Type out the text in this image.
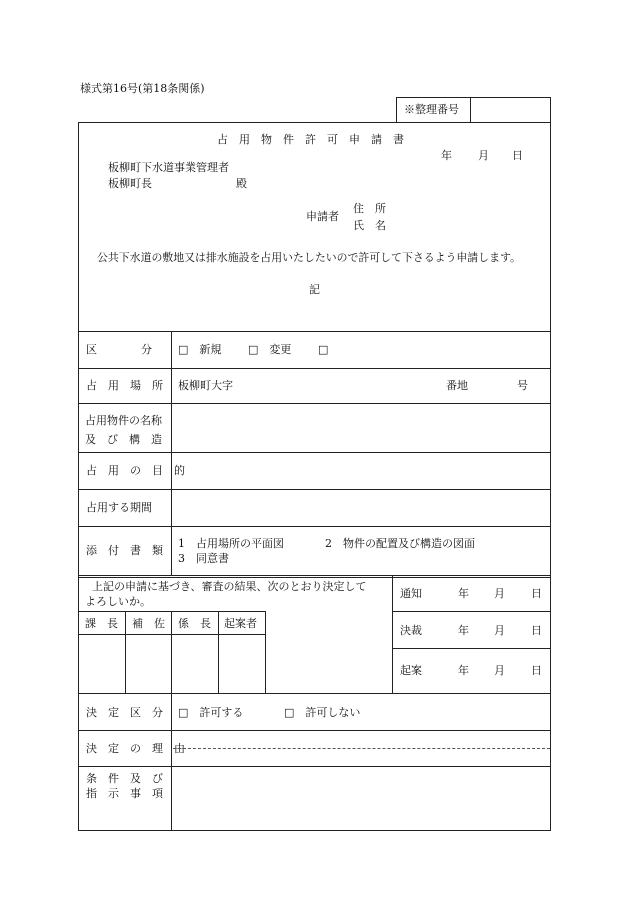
様式第16号(第18条関係)
※整理番号
占　用　物　件　許　可　申　請　書
年 月 日
板柳町下水道事業管理者
板柳町長	殿
申請者
住　所
氏　名
公共下水道の敷地又は排水施設を占用いたしたいので許可して下さるよう申請します。
記
区　　　　分 □　新規 □　変更 □
占　用　場　所 板柳町大字	番地	号
占用物件の名称
及　び　構　造
占　用　の　目　的
占用する期間
添　付　書　類
1　占用場所の平面図	2　物件の配置及び構造の図面
3　同意書
上記の申請に基づき、審査の結果、次のとおり決定して
よろしいか。
通知	年 月 日
決裁	年 月 日
起案	年 月 日
課　長 補　佐 係　長 起案者
決　定　区　分 □　許可する	□　許可しない
決　定　の　理　由
条　件　及　び
指　示　事　項
